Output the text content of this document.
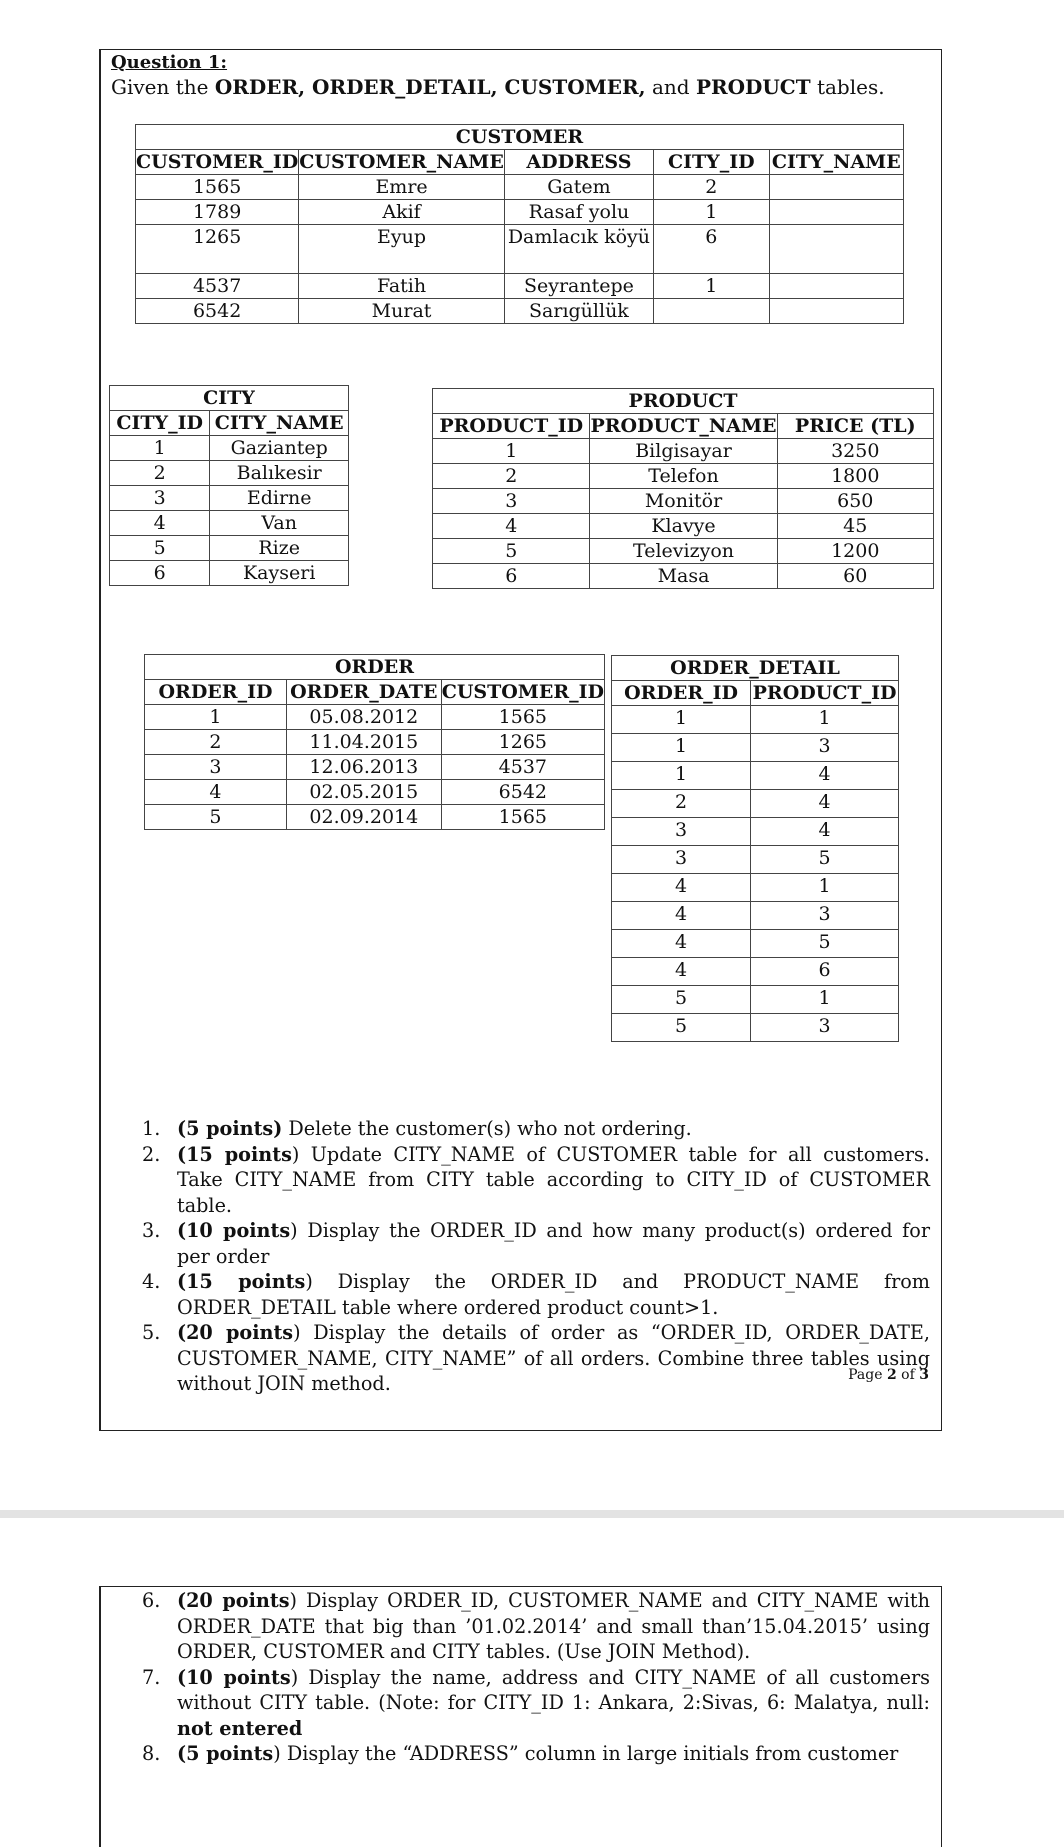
Question 1:
Given the ORDER, ORDER_DETAIL, CUSTOMER, and PRODUCT tables.
CUSTOMER				
CUSTOMER_ID	CUSTOMER_NAME	ADDRESS	CITY_ID	CITY_NAME
1565	Emre	Gatem	2	
1789	Akif	Rasaf yolu	1	
1265	Eyup	Damlacık köyü	6	
4537	Fatih	Seyrantepe	1	
6542	Murat	Sarıgüllük		
CITY	
CITY_ID	CITY_NAME
1	Gaziantep
2	Balıkesir
3	Edirne
4	Van
5	Rize
6	Kayseri
PRODUCT		
PRODUCT_ID	PRODUCT_NAME	PRICE (TL)
1	Bilgisayar	3250
2	Telefon	1800
3	Monitör	650
4	Klavye	45
5	Televizyon	1200
6	Masa	60
ORDER		
ORDER_ID	ORDER_DATE	CUSTOMER_ID
1	05.08.2012	1565
2	11.04.2015	1265
3	12.06.2013	4537
4	02.05.2015	6542
5	02.09.2014	1565
ORDER_DETAIL	
ORDER_ID	PRODUCT_ID
1	1
1	3
1	4
2	4
3	4
3	5
4	1
4	3
4	5
4	6
5	1
5	3
1. (5 points) Delete the customer(s) who not ordering.
2. (15 points) Update CITY_NAME of CUSTOMER table for all customers. Take CITY_NAME from CITY table according to CITY_ID of CUSTOMER table.
3. (10 points) Display the ORDER_ID and how many product(s) ordered for per order
4. (15 points) Display the ORDER_ID and PRODUCT_NAME from ORDER_DETAIL table where ordered product count>1.
5. (20 points) Display the details of order as “ORDER_ID, ORDER_DATE, CUSTOMER_NAME, CITY_NAME” of all orders. Combine three tables using without JOIN method.	Page 2 of 3
6. (20 points) Display ORDER_ID, CUSTOMER_NAME and CITY_NAME with ORDER_DATE that big than ’01.02.2014’ and small than’15.04.2015’ using ORDER, CUSTOMER and CITY tables. (Use JOIN Method).
7. (10 points) Display the name, address and CITY_NAME of all customers without CITY table. (Note: for CITY_ID 1: Ankara, 2:Sivas, 6: Malatya, null: not entered
8. (5 points) Display the “ADDRESS” column in large initials from customer
